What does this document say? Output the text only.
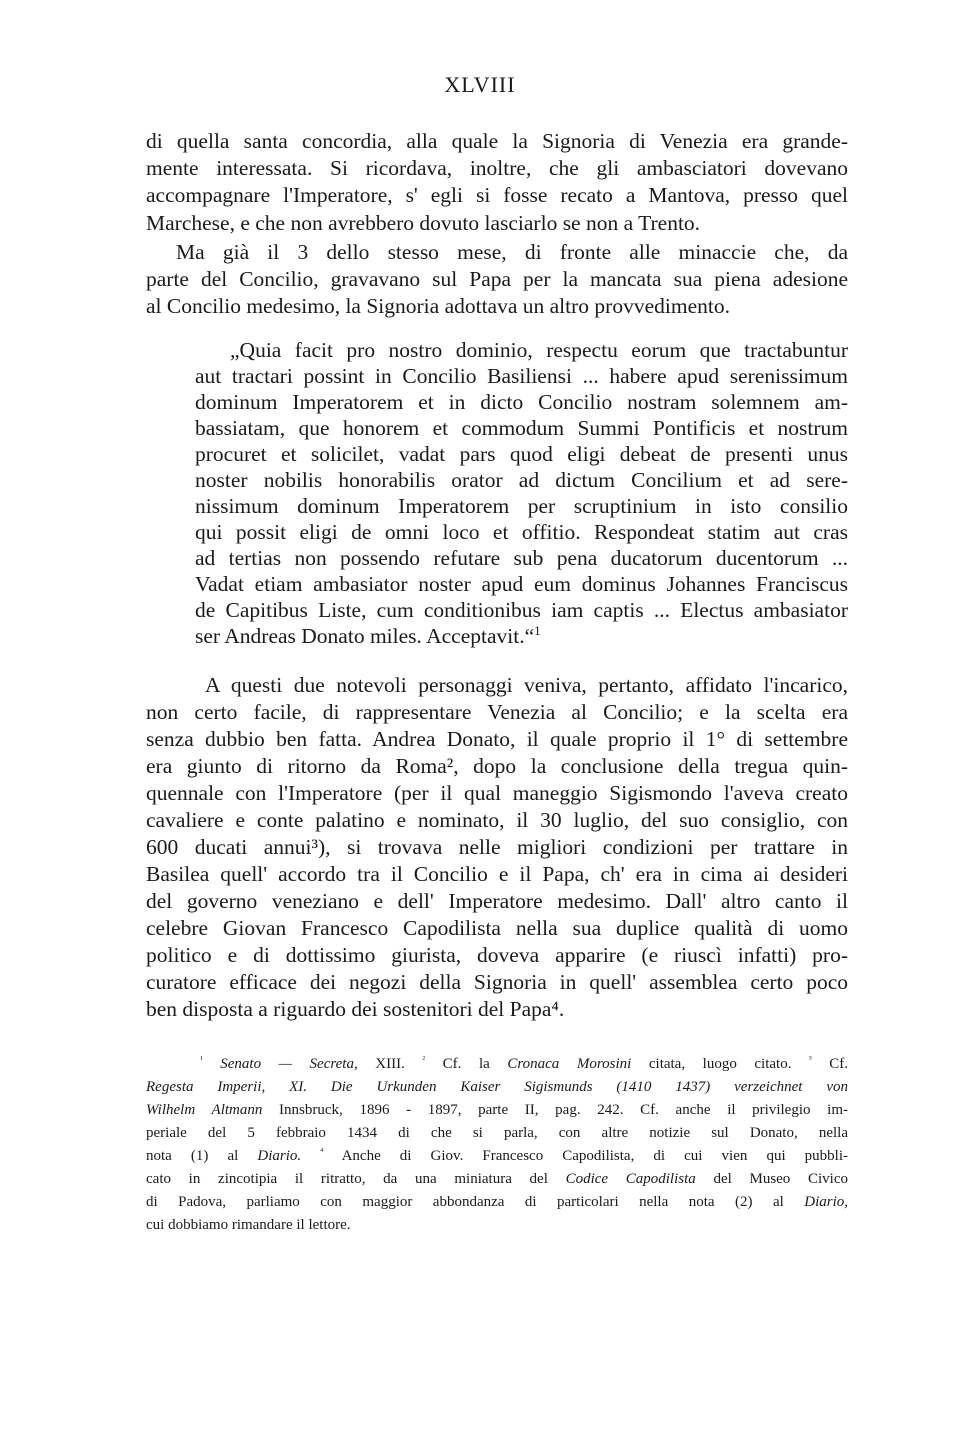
XLVIII
di quella santa concordia, alla quale la Signoria di Venezia era grande-
mente interessata. Si ricordava, inoltre, che gli ambasciatori dovevano
accompagnare l'Imperatore, s' egli si fosse recato a Mantova, presso quel
Marchese, e che non avrebbero dovuto lasciarlo se non a Trento.
Ma già il 3 dello stesso mese, di fronte alle minaccie che, da
parte del Concilio, gravavano sul Papa per la mancata sua piena adesione
al Concilio medesimo, la Signoria adottava un altro provvedimento.
„Quia facit pro nostro dominio, respectu eorum que tractabuntur
aut tractari possint in Concilio Basiliensi ... habere apud serenissimum
dominum Imperatorem et in dicto Concilio nostram solemnem am-
bassiatam, que honorem et commodum Summi Pontificis et nostrum
procuret et solicilet, vadat pars quod eligi debeat de presenti unus
noster nobilis honorabilis orator ad dictum Concilium et ad sere-
nissimum dominum Imperatorem per scruptinium in isto consilio
qui possit eligi de omni loco et offitio. Respondeat statim aut cras
ad tertias non possendo refutare sub pena ducatorum ducentorum ...
Vadat etiam ambasiator noster apud eum dominus Johannes Franciscus
de Capitibus Liste, cum conditionibus iam captis ... Electus ambasiator
ser Andreas Donato miles. Acceptavit.“$^1$
A questi due notevoli personaggi veniva, pertanto, affidato l'incarico,
non certo facile, di rappresentare Venezia al Concilio; e la scelta era
senza dubbio ben fatta. Andrea Donato, il quale proprio il 1° di settembre
era giunto di ritorno da Roma², dopo la conclusione della tregua quin-
quennale con l'Imperatore (per il qual maneggio Sigismondo l'aveva creato
cavaliere e conte palatino e nominato, il 30 luglio, del suo consiglio, con
600 ducati annui³), si trovava nelle migliori condizioni per trattare in
Basilea quell' accordo tra il Concilio e il Papa, ch' era in cima ai desideri
del governo veneziano e dell' Imperatore medesimo. Dall' altro canto il
celebre Giovan Francesco Capodilista nella sua duplice qualità di uomo
politico e di dottissimo giurista, doveva apparire (e riuscì infatti) pro-
curatore efficace dei negozi della Signoria in quell' assemblea certo poco
ben disposta a riguardo dei sostenitori del Papa⁴.
$^{^1}$ Senato — Secreta, XIII. $^{^2}$ Cf. la Cronaca Morosini citata, luogo citato. $^{^3}$ Cf.
Regesta Imperii, XI. Die Urkunden Kaiser Sigismunds (1410 1437) verzeichnet von
Wilhelm Altmann Innsbruck, 1896 - 1897, parte II, pag. 242. Cf. anche il privilegio im-
periale del 5 febbraio 1434 di che si parla, con altre notizie sul Donato, nella
nota (1) al Diario. $^{^4}$ Anche di Giov. Francesco Capodilista, di cui vien qui pubbli-
cato in zincotipia il ritratto, da una miniatura del Codice Capodilista del Museo Civico
di Padova, parliamo con maggior abbondanza di particolari nella nota (2) al Diario,
cui dobbiamo rimandare il lettore.
